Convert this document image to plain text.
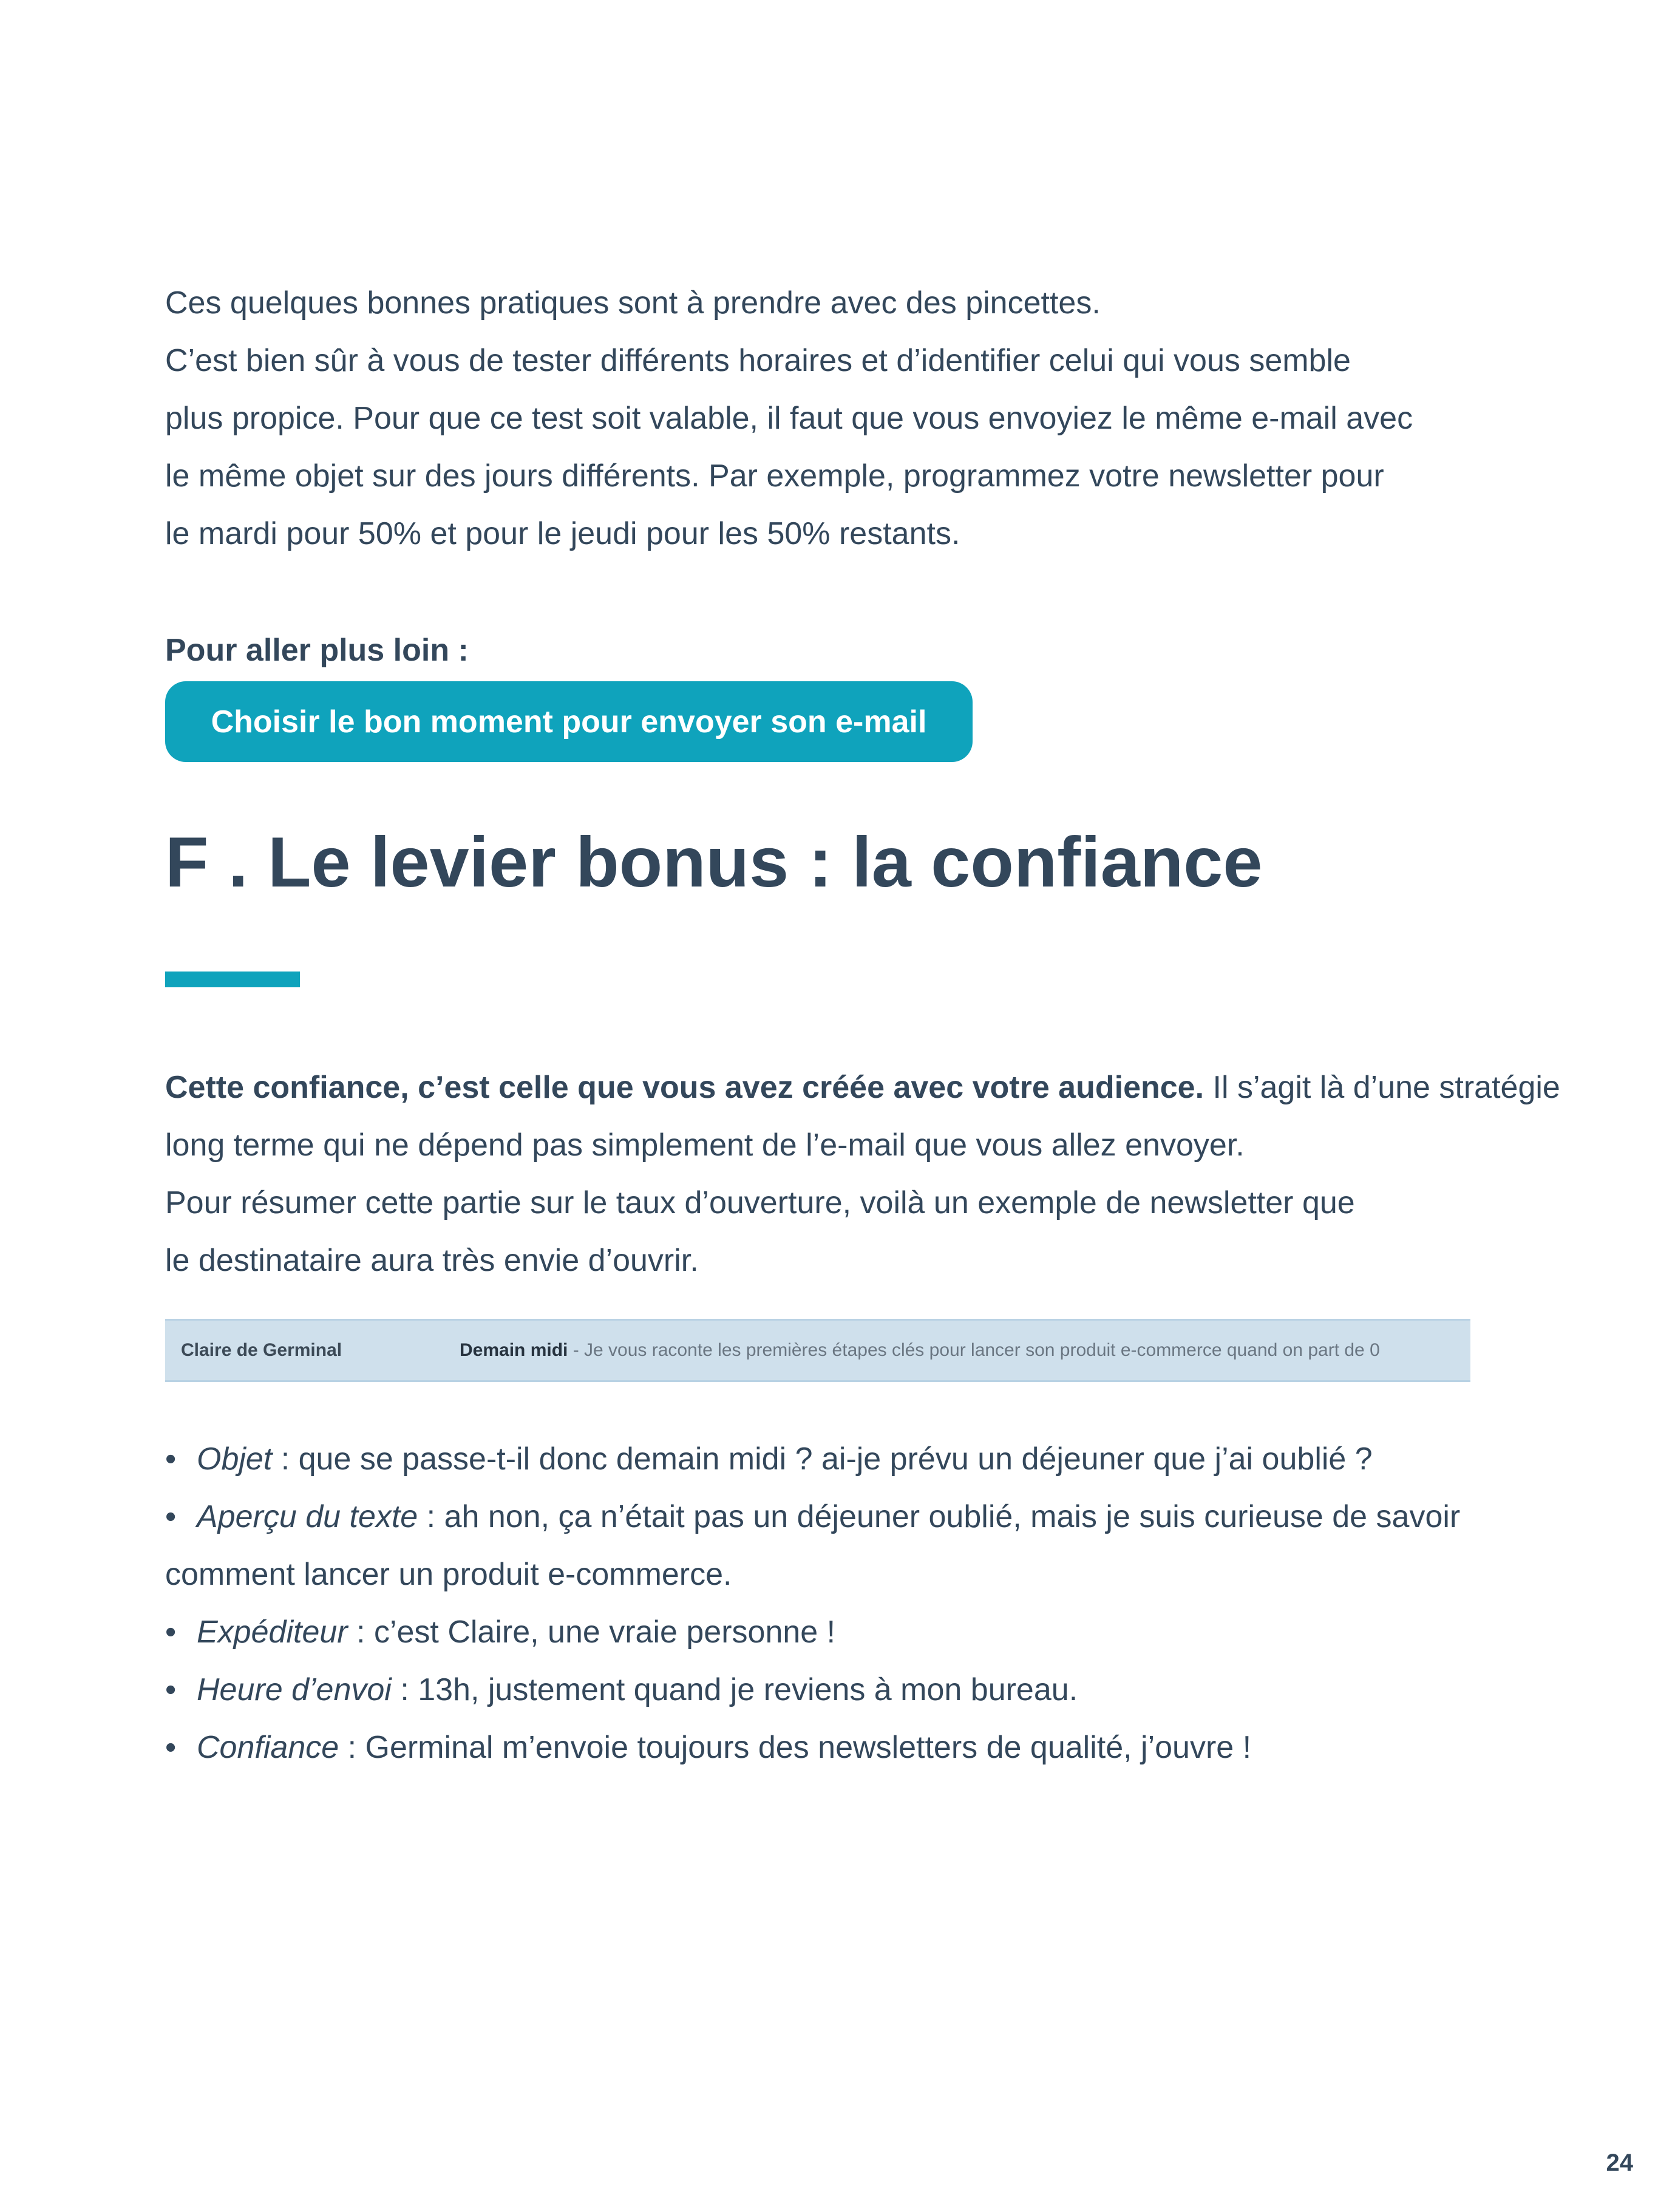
Ces quelques bonnes pratiques sont à prendre avec des pincettes.
C’est bien sûr à vous de tester différents horaires et d’identifier celui qui vous semble
plus propice. Pour que ce test soit valable, il faut que vous envoyiez le même e-mail avec
le même objet sur des jours différents. Par exemple, programmez votre newsletter pour
le mardi pour 50% et pour le jeudi pour les 50% restants.
Pour aller plus loin :
Choisir le bon moment pour envoyer son e-mail
F . Le levier bonus : la confiance
Cette confiance, c’est celle que vous avez créée avec votre audience. Il s’agit là d’une stratégie
long terme qui ne dépend pas simplement de l’e-mail que vous allez envoyer.
Pour résumer cette partie sur le taux d’ouverture, voilà un exemple de newsletter que
le destinataire aura très envie d’ouvrir.
Claire de Germinal	Demain midi - Je vous raconte les premières étapes clés pour lancer son produit e-commerce quand on part de 0
• Objet : que se passe-t-il donc demain midi ? ai-je prévu un déjeuner que j’ai oublié ?
• Aperçu du texte : ah non, ça n’était pas un déjeuner oublié, mais je suis curieuse de savoir
comment lancer un produit e-commerce.
• Expéditeur : c’est Claire, une vraie personne !
• Heure d’envoi : 13h, justement quand je reviens à mon bureau.
• Confiance : Germinal m’envoie toujours des newsletters de qualité, j’ouvre !
24
